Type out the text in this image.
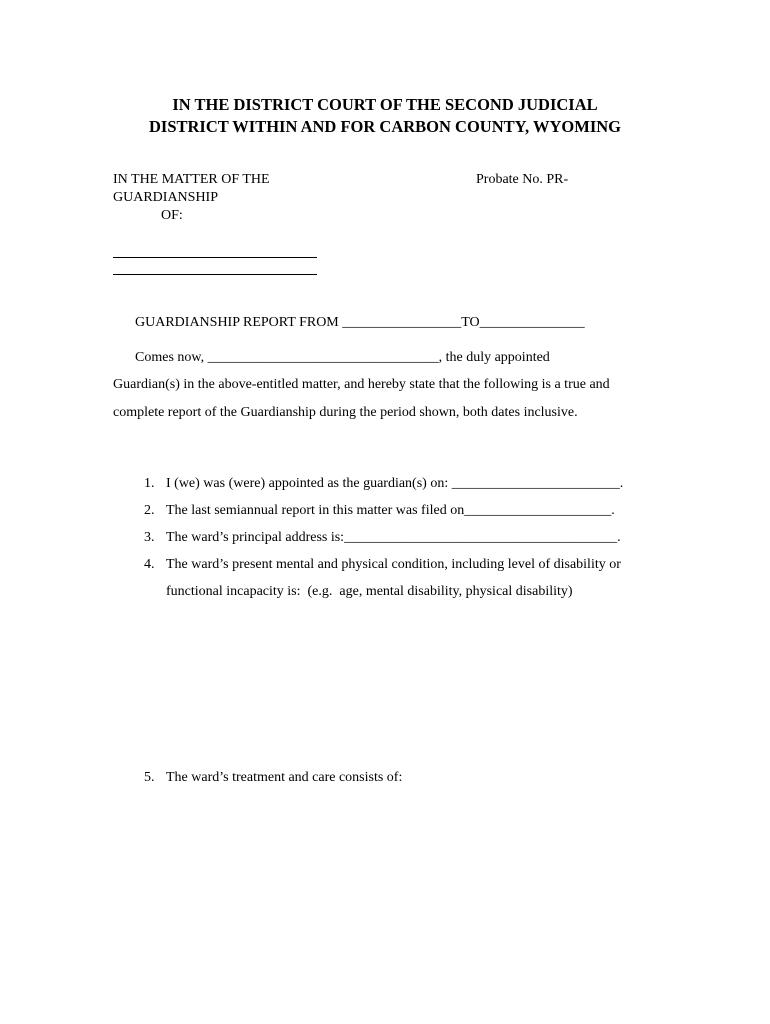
IN THE DISTRICT COURT OF THE SECOND JUDICIAL
DISTRICT WITHIN AND FOR CARBON COUNTY, WYOMING
IN THE MATTER OF THE
GUARDIANSHIP
OF:
Probate No. PR-
GUARDIANSHIP REPORT FROM _________________TO_______________
Comes now, _________________________________, the duly appointed
Guardian(s) in the above-entitled matter, and hereby state that the following is a true and
complete report of the Guardianship during the period shown, both dates inclusive.

1. I (we) was (were) appointed as the guardian(s) on: ________________________.

2. The last semiannual report in this matter was filed on_____________________.

3. The ward’s principal address is:_______________________________________.

4. The ward’s present mental and physical condition, including level of disability or

functional incapacity is:  (e.g.  age, mental disability, physical disability)

5. The ward’s treatment and care consists of:
